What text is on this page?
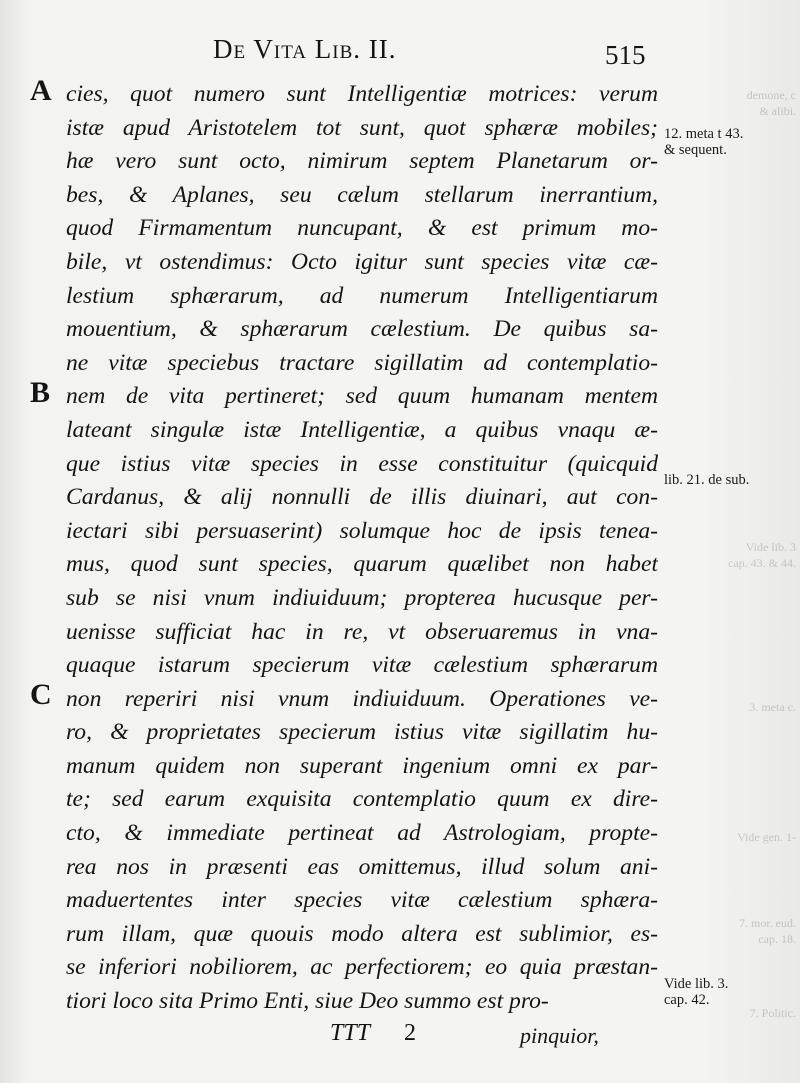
demone, c
& alibi.
Vide lib. 3
cap. 43. & 44.
3. meta c.
Vide gen. 1-
7. mor. eud.
cap. 18.
7. Politic.
De Vita Lib. II.	515
A
B
C
cies, quot numero sunt Intelligentiæ motrices: verum
istæ apud Aristotelem tot sunt, quot sphæræ mobiles;
hæ vero sunt octo, nimirum septem Planetarum or-
bes, & Aplanes, seu cælum stellarum inerrantium,
quod Firmamentum nuncupant, & est primum mo-
bile, vt ostendimus: Octo igitur sunt species vitæ cæ-
lestium sphærarum, ad numerum Intelligentiarum
mouentium, & sphærarum cælestium. De quibus sa-
ne vitæ speciebus tractare sigillatim ad contemplatio-
nem de vita pertineret; sed quum humanam mentem
lateant singulæ istæ Intelligentiæ, a quibus vnaqu æ-
que istius vitæ species in esse constituitur (quicquid
Cardanus, & alij nonnulli de illis diuinari, aut con-
iectari sibi persuaserint) solumque hoc de ipsis tenea-
mus, quod sunt species, quarum quælibet non habet
sub se nisi vnum indiuiduum; propterea hucusque per-
uenisse sufficiat hac in re, vt obseruaremus in vna-
quaque istarum specierum vitæ cælestium sphærarum
non reperiri nisi vnum indiuiduum. Operationes ve-
ro, & proprietates specierum istius vitæ sigillatim hu-
manum quidem non superant ingenium omni ex par-
te; sed earum exquisita contemplatio quum ex dire-
cto, & immediate pertineat ad Astrologiam, propte-
rea nos in præsenti eas omittemus, illud solum ani-
maduertentes inter species vitæ cælestium sphæra-
rum illam, quæ quouis modo altera est sublimior, es-
se inferiori nobiliorem, ac perfectiorem; eo quia præstan-
tiori loco sita Primo Enti, siue Deo summo est pro-
12. meta t 43.
& sequent.
lib. 21. de sub.
Vide lib. 3.
cap. 42.
TTT 2	pinquior,
